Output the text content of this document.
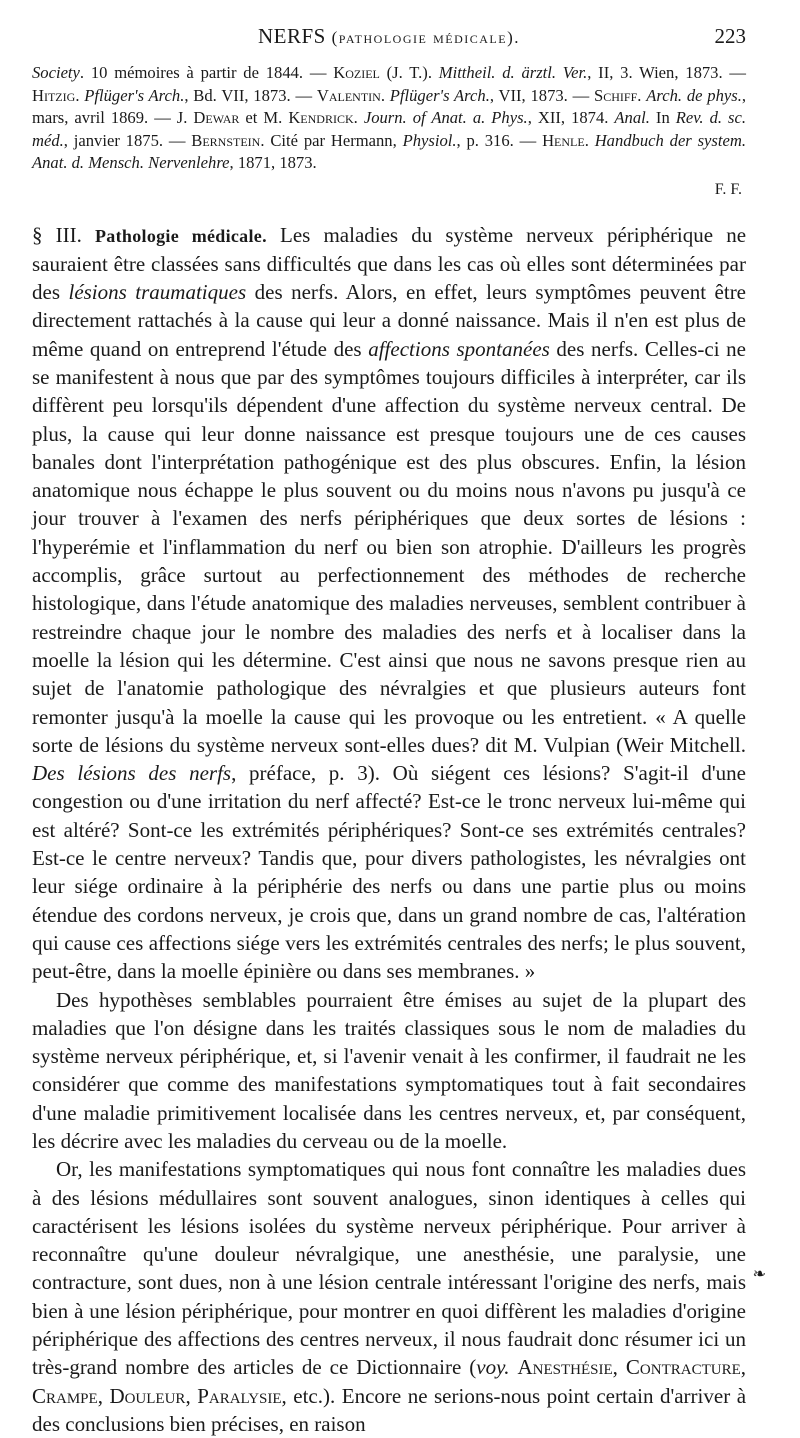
NERFS (pathologie médicale).	223

Society. 10 mémoires à partir de 1844. — Koziel (J. T.). Mittheil. d. ärztl. Ver., II, 3. Wien, 1873. — Hitzig. Pflüger's Arch., Bd. VII, 1873. — Valentin. Pflüger's Arch., VII, 1873. — Schiff. Arch. de phys., mars, avril 1869. — J. Dewar et M. Kendrick. Journ. of Anat. a. Phys., XII, 1874. Anal. In Rev. d. sc. méd., janvier 1875. — Bernstein. Cité par Hermann, Physiol., p. 316. — Henle. Handbuch der system. Anat. d. Mensch. Nervenlehre, 1871, 1873.

F. F.

§ III. Pathologie médicale. Les maladies du système nerveux périphérique ne sauraient être classées sans difficultés que dans les cas où elles sont déterminées par des lésions traumatiques des nerfs. Alors, en effet, leurs symptômes peuvent être directement rattachés à la cause qui leur a donné naissance. Mais il n'en est plus de même quand on entreprend l'étude des affections spontanées des nerfs. Celles-ci ne se manifestent à nous que par des symptômes toujours difficiles à interpréter, car ils diffèrent peu lorsqu'ils dépendent d'une affection du système nerveux central. De plus, la cause qui leur donne naissance est presque toujours une de ces causes banales dont l'interprétation pathogénique est des plus obscures. Enfin, la lésion anatomique nous échappe le plus souvent ou du moins nous n'avons pu jusqu'à ce jour trouver à l'examen des nerfs périphériques que deux sortes de lésions : l'hyperémie et l'inflammation du nerf ou bien son atrophie. D'ailleurs les progrès accomplis, grâce surtout au perfectionnement des méthodes de recherche histologique, dans l'étude anatomique des maladies nerveuses, semblent contribuer à restreindre chaque jour le nombre des maladies des nerfs et à localiser dans la moelle la lésion qui les détermine. C'est ainsi que nous ne savons presque rien au sujet de l'anatomie pathologique des névralgies et que plusieurs auteurs font remonter jusqu'à la moelle la cause qui les provoque ou les entretient. « A quelle sorte de lésions du système nerveux sont-elles dues? dit M. Vulpian (Weir Mitchell. Des lésions des nerfs, préface, p. 3). Où siégent ces lésions? S'agit-il d'une congestion ou d'une irritation du nerf affecté? Est-ce le tronc nerveux lui-même qui est altéré? Sont-ce les extrémités périphériques? Sont-ce ses extrémités centrales? Est-ce le centre nerveux? Tandis que, pour divers pathologistes, les névralgies ont leur siége ordinaire à la périphérie des nerfs ou dans une partie plus ou moins étendue des cordons nerveux, je crois que, dans un grand nombre de cas, l'altération qui cause ces affections siége vers les extrémités centrales des nerfs; le plus souvent, peut-être, dans la moelle épinière ou dans ses membranes. »

Des hypothèses semblables pourraient être émises au sujet de la plupart des maladies que l'on désigne dans les traités classiques sous le nom de maladies du système nerveux périphérique, et, si l'avenir venait à les confirmer, il faudrait ne les considérer que comme des manifestations symptomatiques tout à fait secondaires d'une maladie primitivement localisée dans les centres nerveux, et, par conséquent, les décrire avec les maladies du cerveau ou de la moelle.

Or, les manifestations symptomatiques qui nous font connaître les maladies dues à des lésions médullaires sont souvent analogues, sinon identiques à celles qui caractérisent les lésions isolées du système nerveux périphérique. Pour arriver à reconnaître qu'une douleur névralgique, une anesthésie, une paralysie, une contracture, sont dues, non à une lésion centrale intéressant l'origine des nerfs, mais bien à une lésion périphérique, pour montrer en quoi diffèrent les maladies d'origine périphérique des affections des centres nerveux, il nous faudrait donc résumer ici un très-grand nombre des articles de ce Dictionnaire (voy. Anesthésie, Contracture, Crampe, Douleur, Paralysie, etc.). Encore ne serions-nous point certain d'arriver à des conclusions bien précises, en raison

❧
